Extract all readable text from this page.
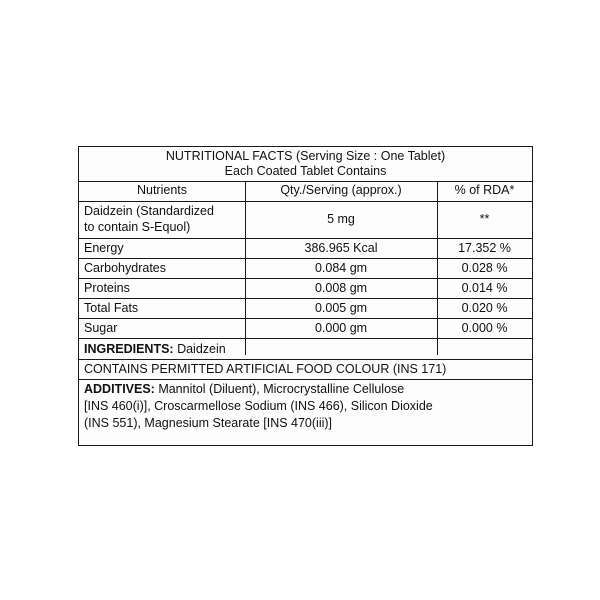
NUTRITIONAL FACTS (Serving Size : One Tablet)
Each Coated Tablet Contains
Nutrients	Qty./Serving (approx.)	% of RDA*
Daidzein (Standardized
to contain S-Equol)
5 mg	**
Energy	386.965 Kcal	17.352 %
Carbohydrates	0.084 gm	0.028 %
Proteins	0.008 gm	0.014 %
Total Fats	0.005 gm	0.020 %
Sugar	0.000 gm	0.000 %
INGREDIENTS: Daidzein
CONTAINS PERMITTED ARTIFICIAL FOOD COLOUR (INS 171)
ADDITIVES: Mannitol (Diluent), Microcrystalline Cellulose
[INS 460(i)], Croscarmellose Sodium (INS 466), Silicon Dioxide
(INS 551), Magnesium Stearate [INS 470(iii)]
